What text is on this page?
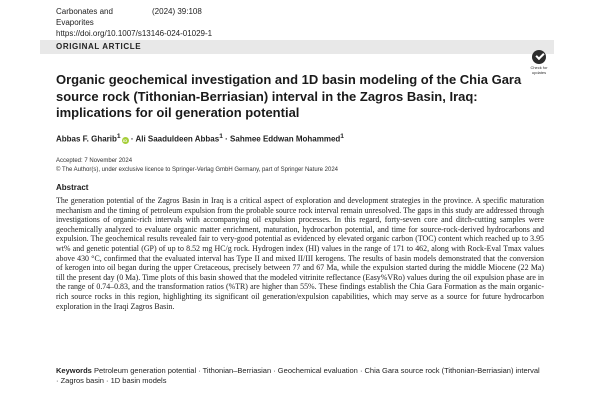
Carbonates and Evaporites
(2024) 39:108
https://doi.org/10.1007/s13146-024-01029-1
ORIGINAL ARTICLE
Check for
updates
Organic geochemical investigation and 1D basin modeling of the Chia Gara source rock (Tithonian-Berriasian) interval in the Zagros Basin, Iraq: implications for oil generation potential
Abbas F. Gharib$^1$iD · Ali Saaduldeen Abbas$^1$ · Sahmee Eddwan Mohammed$^1$
Accepted: 7 November 2024
© The Author(s), under exclusive licence to Springer-Verlag GmbH Germany, part of Springer Nature 2024
Abstract
The generation potential of the Zagros Basin in Iraq is a critical aspect of exploration and development strategies in the province. A specific maturation mechanism and the timing of petroleum expulsion from the probable source rock interval remain unresolved. The gaps in this study are addressed through investigations of organic-rich intervals with accompanying oil expulsion processes. In this regard, forty-seven core and ditch-cutting samples were geochemically analyzed to evaluate organic matter enrichment, maturation, hydrocarbon potential, and time for source-rock-derived hydrocarbons and expulsion. The geochemical results revealed fair to very-good potential as evidenced by elevated organic carbon (TOC) content which reached up to 3.95 wt% and genetic potential (GP) of up to 8.52 mg HC/g rock. Hydrogen index (HI) values in the range of 171 to 462, along with Rock-Eval Tmax values above 430 °C, confirmed that the evaluated interval has Type II and mixed II/III kerogens. The results of basin models demonstrated that the conversion of kerogen into oil began during the upper Cretaceous, precisely between 77 and 67 Ma, while the expulsion started during the middle Miocene (22 Ma) till the present day (0 Ma). Time plots of this basin showed that the modeled vitrinite reflectance (Easy%VRo) values during the oil expulsion phase are in the range of 0.74–0.83, and the transformation ratios (%TR) are higher than 55%. These findings establish the Chia Gara Formation as the main organic-rich source rocks in this region, highlighting its significant oil generation/expulsion capabilities, which may serve as a source for future hydrocarbon exploration in the Iraqi Zagros Basin.
Keywords Petroleum generation potential · Tithonian–Berriasian · Geochemical evaluation · Chia Gara source rock (Tithonian-Berriasian) interval · Zagros basin · 1D basin models
